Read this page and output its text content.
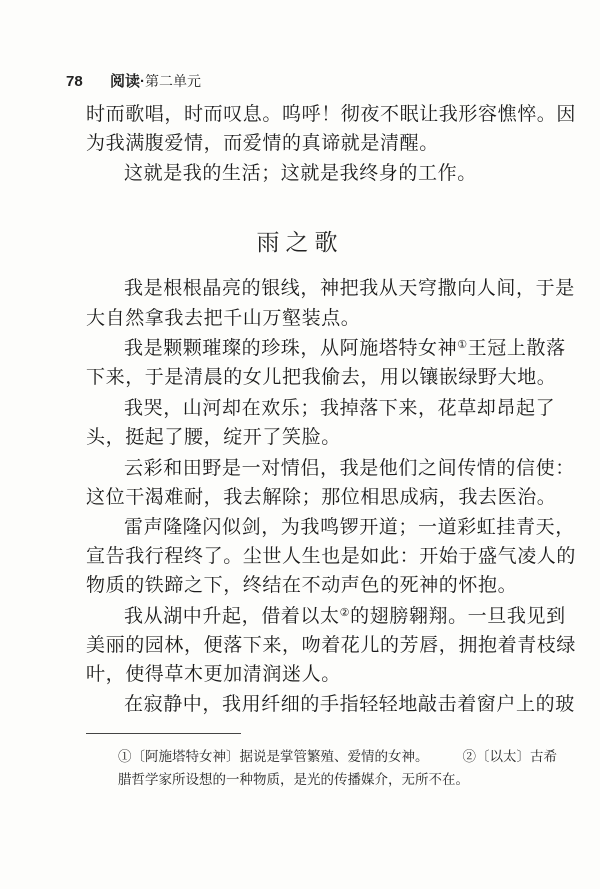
78 阅读·第二单元
时而歌唱，时而叹息。呜呼！彻夜不眠让我形容憔悴。因
为我满腹爱情，而爱情的真谛就是清醒。
这就是我的生活；这就是我终身的工作。
雨之歌
我是根根晶亮的银线，神把我从天穹撒向人间，于是
大自然拿我去把千山万壑装点。
我是颗颗璀璨的珍珠，从阿施塔特女神①王冠上散落
下来，于是清晨的女儿把我偷去，用以镶嵌绿野大地。
我哭，山河却在欢乐；我掉落下来，花草却昂起了
头，挺起了腰，绽开了笑脸。
云彩和田野是一对情侣，我是他们之间传情的信使：
这位干渴难耐，我去解除；那位相思成病，我去医治。
雷声隆隆闪似剑，为我鸣锣开道；一道彩虹挂青天，
宣告我行程终了。尘世人生也是如此：开始于盛气凌人的
物质的铁蹄之下，终结在不动声色的死神的怀抱。
我从湖中升起，借着以太②的翅膀翱翔。一旦我见到
美丽的园林，便落下来，吻着花儿的芳唇，拥抱着青枝绿
叶，使得草木更加清润迷人。
在寂静中，我用纤细的手指轻轻地敲击着窗户上的玻
①〔阿施塔特女神〕据说是掌管繁殖、爱情的女神。	②〔以太〕古希
腊哲学家所设想的一种物质，是光的传播媒介，无所不在。
